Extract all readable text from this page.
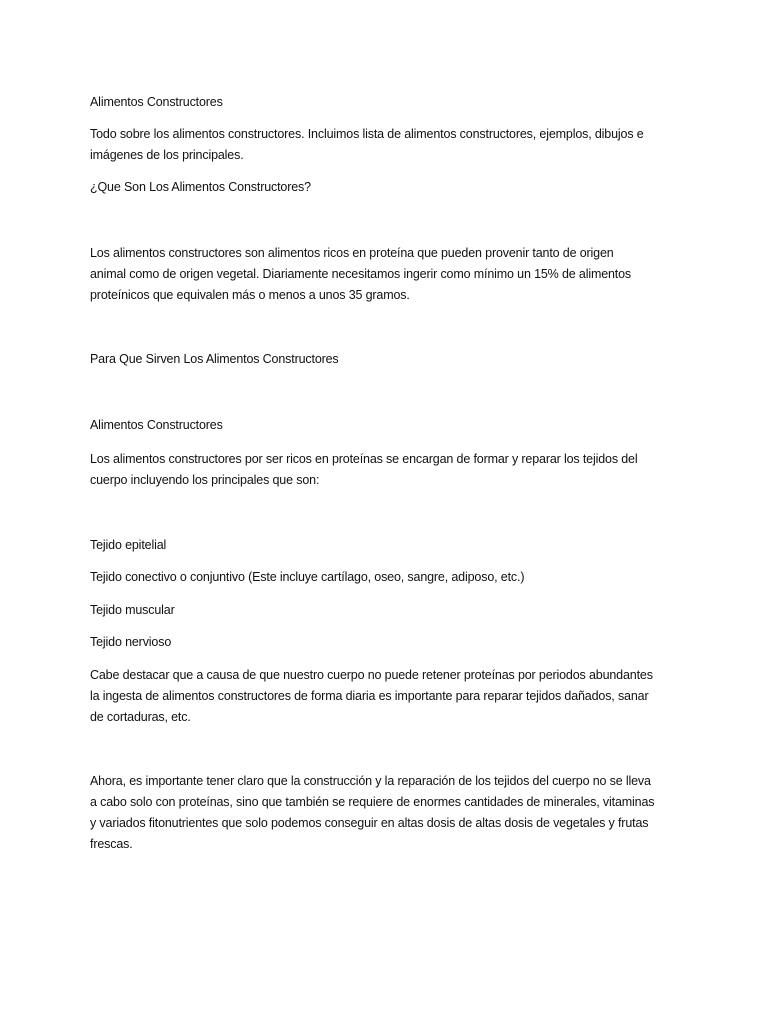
Alimentos Constructores
Todo sobre los alimentos constructores. Incluimos lista de alimentos constructores, ejemplos, dibujos e
imágenes de los principales.
¿Que Son Los Alimentos Constructores?
Los alimentos constructores son alimentos ricos en proteína que pueden provenir tanto de origen
animal como de origen vegetal. Diariamente necesitamos ingerir como mínimo un 15% de alimentos
proteínicos que equivalen más o menos a unos 35 gramos.
Para Que Sirven Los Alimentos Constructores
Alimentos Constructores
Los alimentos constructores por ser ricos en proteínas se encargan de formar y reparar los tejidos del
cuerpo incluyendo los principales que son:
Tejido epitelial
Tejido conectivo o conjuntivo (Este incluye cartílago, oseo, sangre, adiposo, etc.)
Tejido muscular
Tejido nervioso
Cabe destacar que a causa de que nuestro cuerpo no puede retener proteínas por periodos abundantes
la ingesta de alimentos constructores de forma diaria es importante para reparar tejidos dañados, sanar
de cortaduras, etc.
Ahora, es importante tener claro que la construcción y la reparación de los tejidos del cuerpo no se lleva
a cabo solo con proteínas, sino que también se requiere de enormes cantidades de minerales, vitaminas
y variados fitonutrientes que solo podemos conseguir en altas dosis de altas dosis de vegetales y frutas
frescas.
